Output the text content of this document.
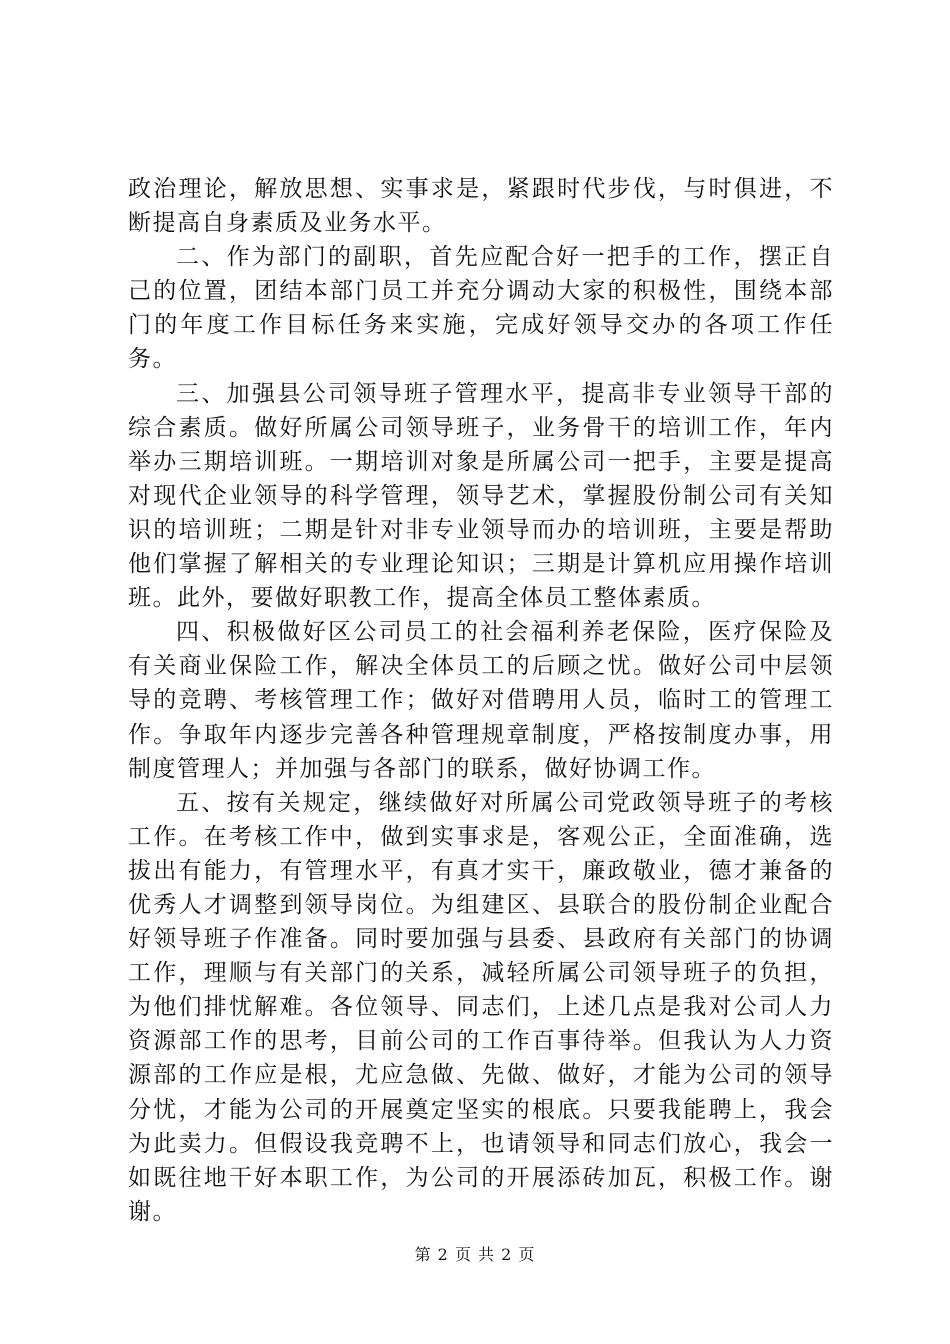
政治理论，解放思想、实事求是，紧跟时代步伐，与时俱进，不断提高自身素质及业务水平。

二、作为部门的副职，首先应配合好一把手的工作，摆正自己的位置，团结本部门员工并充分调动大家的积极性，围绕本部门的年度工作目标任务来实施，完成好领导交办的各项工作任务。

三、加强县公司领导班子管理水平，提高非专业领导干部的综合素质。做好所属公司领导班子，业务骨干的培训工作，年内举办三期培训班。一期培训对象是所属公司一把手，主要是提高对现代企业领导的科学管理，领导艺术，掌握股份制公司有关知识的培训班；二期是针对非专业领导而办的培训班，主要是帮助他们掌握了解相关的专业理论知识；三期是计算机应用操作培训班。此外，要做好职教工作，提高全体员工整体素质。

四、积极做好区公司员工的社会福利养老保险，医疗保险及有关商业保险工作，解决全体员工的后顾之忧。做好公司中层领导的竞聘、考核管理工作；做好对借聘用人员，临时工的管理工作。争取年内逐步完善各种管理规章制度，严格按制度办事，用制度管理人；并加强与各部门的联系，做好协调工作。

五、按有关规定，继续做好对所属公司党政领导班子的考核工作。在考核工作中，做到实事求是，客观公正，全面准确，选拔出有能力，有管理水平，有真才实干，廉政敬业，德才兼备的优秀人才调整到领导岗位。为组建区、县联合的股份制企业配合好领导班子作准备。同时要加强与县委、县政府有关部门的协调工作，理顺与有关部门的关系，减轻所属公司领导班子的负担，为他们排忧解难。各位领导、同志们，上述几点是我对公司人力资源部工作的思考，目前公司的工作百事待举。但我认为人力资源部的工作应是根，尤应急做、先做、做好，才能为公司的领导分忧，才能为公司的开展奠定坚实的根底。只要我能聘上，我会为此卖力。但假设我竞聘不上，也请领导和同志们放心，我会一如既往地干好本职工作，为公司的开展添砖加瓦，积极工作。谢谢。

第 2 页 共 2 页
